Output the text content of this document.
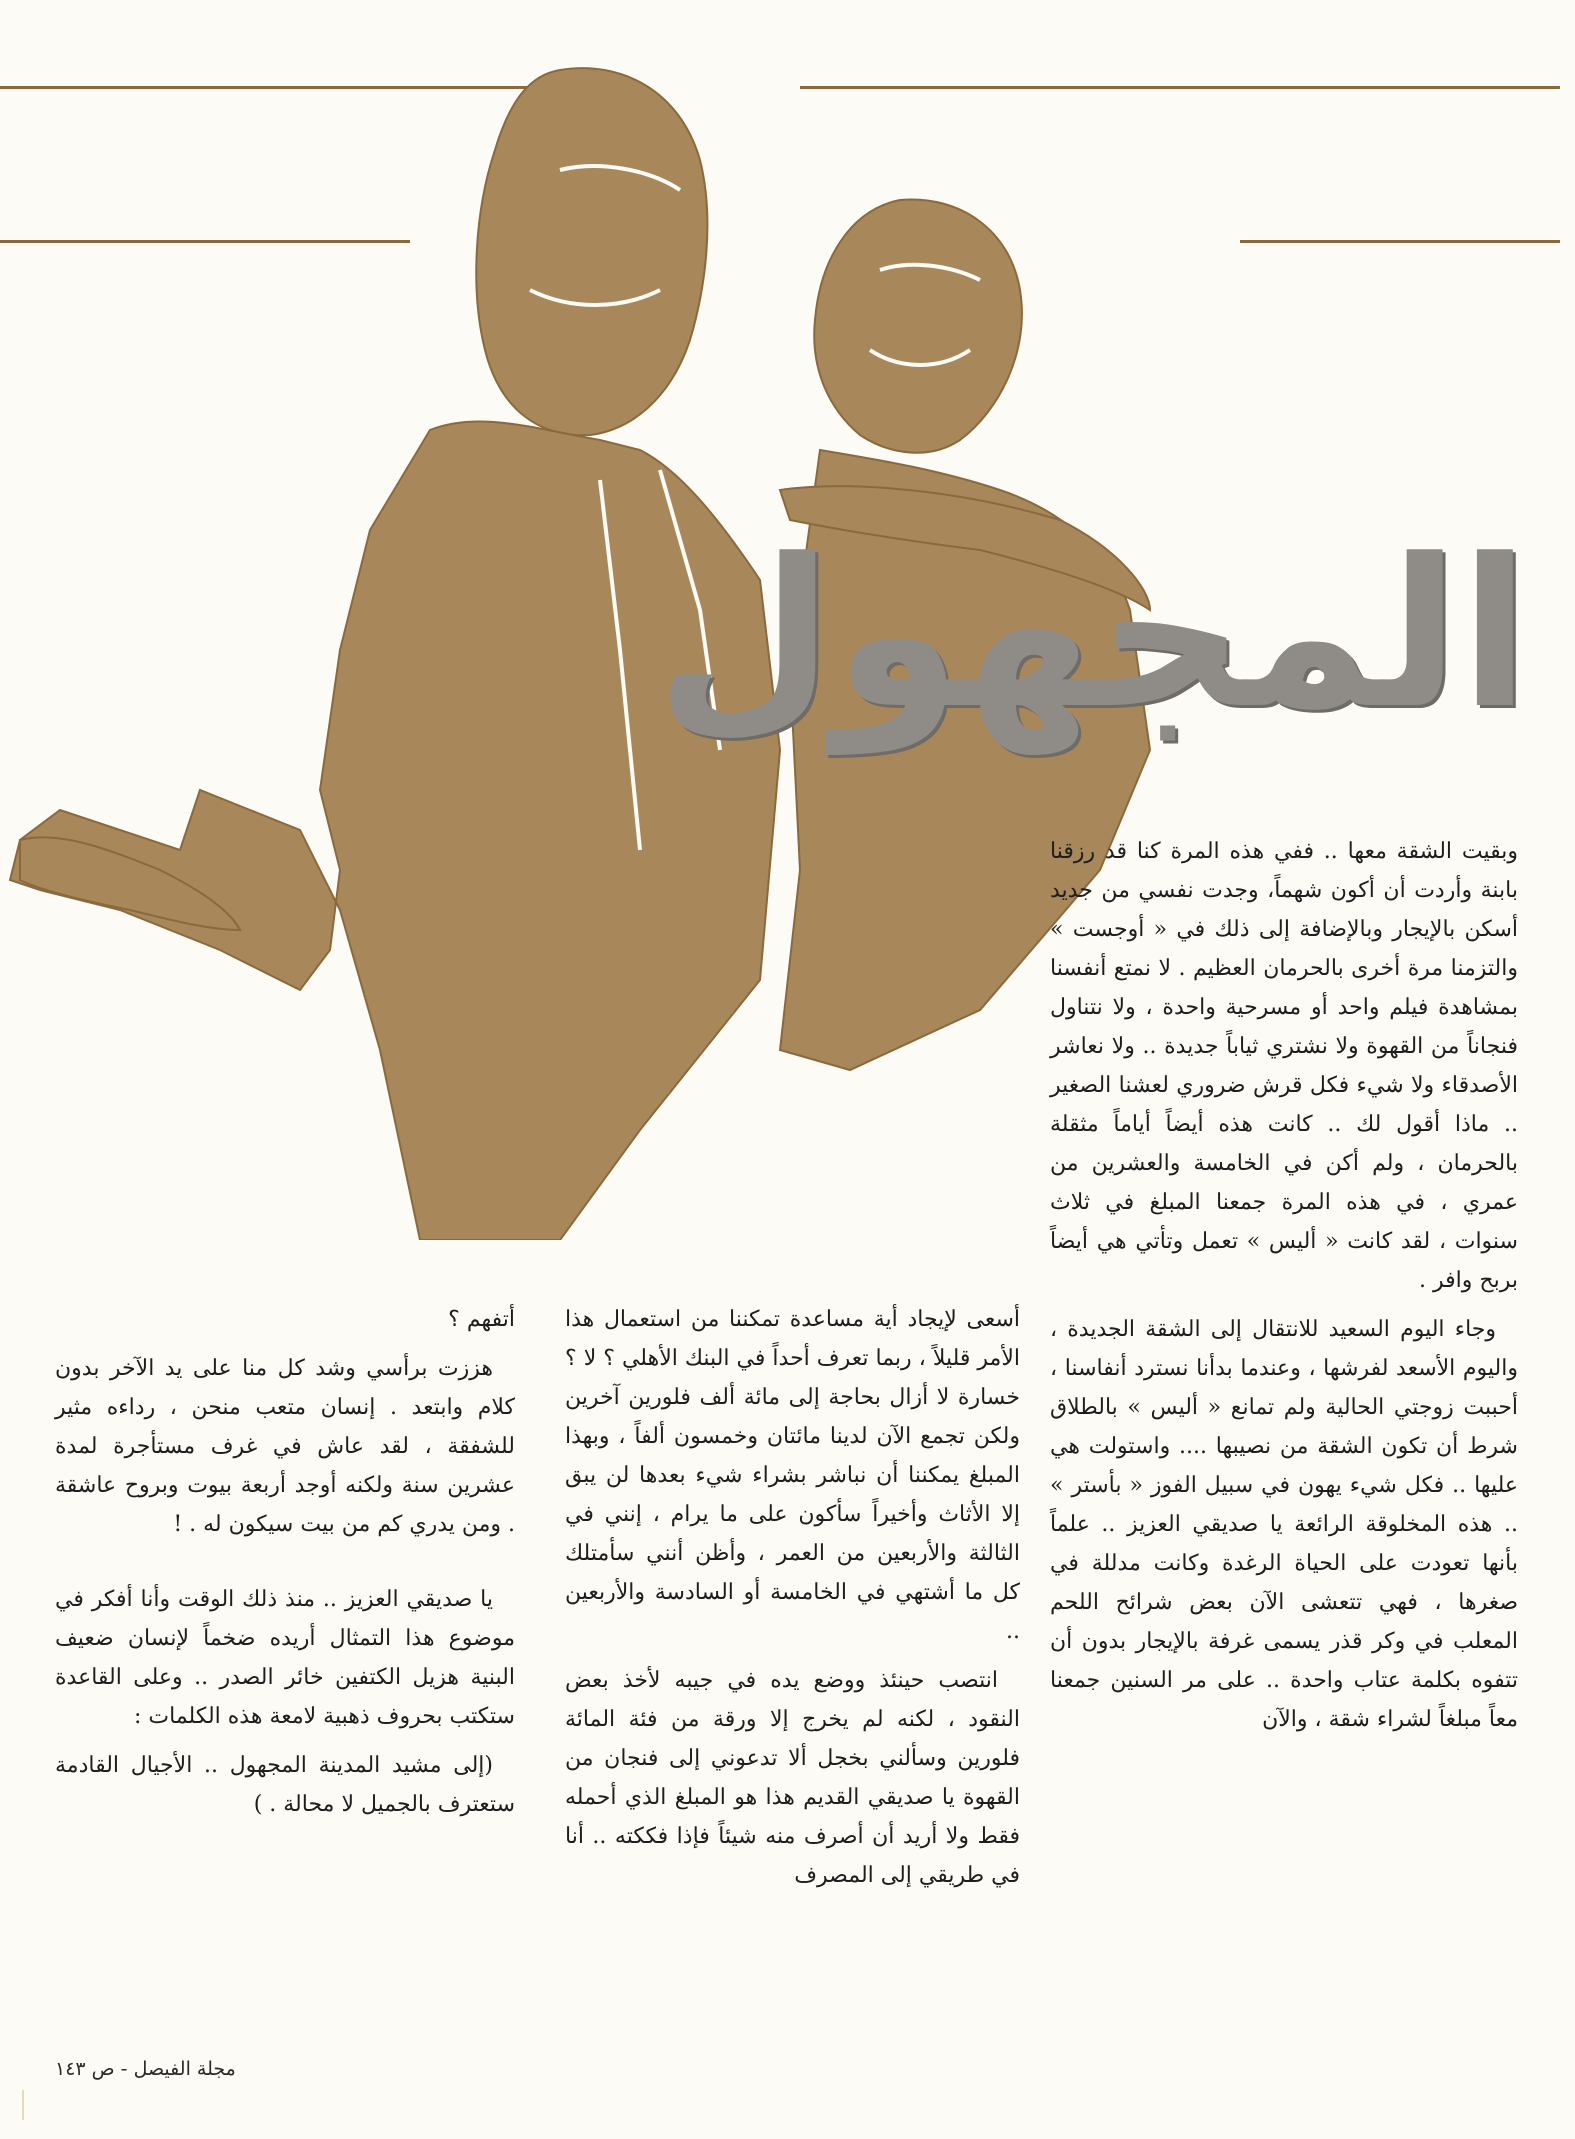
المجهول

وبقيت الشقة معها .. ففي هذه المرة كنا قد رزقنا بابنة وأردت أن أكون شهماً، وجدت نفسي من جديد أسكن بالإيجار وبالإضافة إلى ذلك في « أوجست » والتزمنا مرة أخرى بالحرمان العظيم . لا نمتع أنفسنا بمشاهدة فيلم واحد أو مسرحية واحدة ، ولا نتناول فنجاناً من القهوة ولا نشتري ثياباً جديدة .. ولا نعاشر الأصدقاء ولا شيء فكل قرش ضروري لعشنا الصغير .. ماذا أقول لك .. كانت هذه أيضاً أياماً مثقلة بالحرمان ، ولم أكن في الخامسة والعشرين من عمري ، في هذه المرة جمعنا المبلغ في ثلاث سنوات ، لقد كانت « أليس » تعمل وتأتي هي أيضاً بربح وافر .

وجاء اليوم السعيد للانتقال إلى الشقة الجديدة ، واليوم الأسعد لفرشها ، وعندما بدأنا نسترد أنفاسنا ، أحببت زوجتي الحالية ولم تمانع « أليس » بالطلاق شرط أن تكون الشقة من نصيبها .... واستولت هي عليها .. فكل شيء يهون في سبيل الفوز « بأستر » .. هذه المخلوقة الرائعة يا صديقي العزيز .. علماً بأنها تعودت على الحياة الرغدة وكانت مدللة في صغرها ، فهي تتعشى الآن بعض شرائح اللحم المعلب في وكر قذر يسمى غرفة بالإيجار بدون أن تتفوه بكلمة عتاب واحدة .. على مر السنين جمعنا معاً مبلغاً لشراء شقة ، والآن

أسعى لإيجاد أية مساعدة تمكننا من استعمال هذا الأمر قليلاً ، ربما تعرف أحداً في البنك الأهلي ؟ لا ؟ خسارة لا أزال بحاجة إلى مائة ألف فلورين آخرين ولكن تجمع الآن لدينا مائتان وخمسون ألفاً ، وبهذا المبلغ يمكننا أن نباشر بشراء شيء بعدها لن يبق إلا الأثاث وأخيراً سأكون على ما يرام ، إنني في الثالثة والأربعين من العمر ، وأظن أنني سأمتلك كل ما أشتهي في الخامسة أو السادسة والأربعين ..

انتصب حينئذ ووضع يده في جيبه لأخذ بعض النقود ، لكنه لم يخرج إلا ورقة من فئة المائة فلورين وسألني بخجل ألا تدعوني إلى فنجان من القهوة يا صديقي القديم هذا هو المبلغ الذي أحمله فقط ولا أريد أن أصرف منه شيئاً فإذا فككته .. أنا في طريقي إلى المصرف

أتفهم ؟

هززت برأسي وشد كل منا على يد الآخر بدون كلام وابتعد . إنسان متعب منحن ، رداءه مثير للشفقة ، لقد عاش في غرف مستأجرة لمدة عشرين سنة ولكنه أوجد أربعة بيوت وبروح عاشقة . ومن يدري كم من بيت سيكون له . !

يا صديقي العزيز .. منذ ذلك الوقت وأنا أفكر في موضوع هذا التمثال أريده ضخماً لإنسان ضعيف البنية هزيل الكتفين خائر الصدر .. وعلى القاعدة ستكتب بحروف ذهبية لامعة هذه الكلمات :

(إلى مشيد المدينة المجهول .. الأجيال القادمة ستعترف بالجميل لا محالة . )

مجلة الفيصل - ص ١٤٣
